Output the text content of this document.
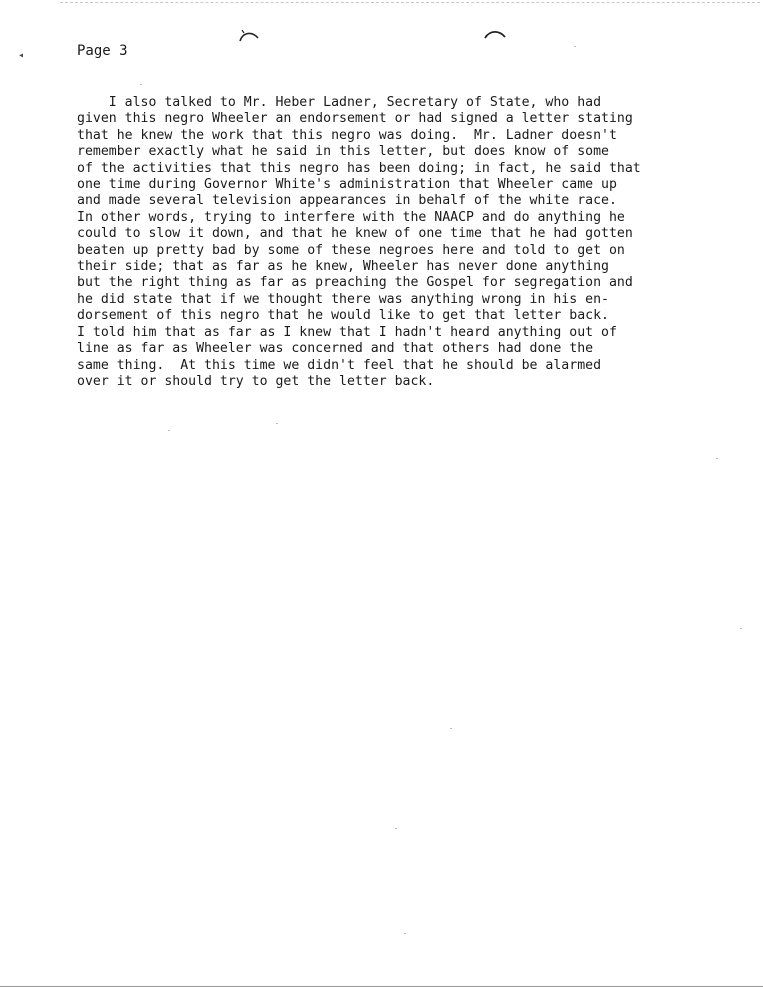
◂	Page 3
I also talked to Mr. Heber Ladner, Secretary of State, who had
given this negro Wheeler an endorsement or had signed a letter stating
that he knew the work that this negro was doing.  Mr. Ladner doesn't
remember exactly what he said in this letter, but does know of some
of the activities that this negro has been doing; in fact, he said that
one time during Governor White's administration that Wheeler came up
and made several television appearances in behalf of the white race.
In other words, trying to interfere with the NAACP and do anything he
could to slow it down, and that he knew of one time that he had gotten
beaten up pretty bad by some of these negroes here and told to get on
their side; that as far as he knew, Wheeler has never done anything
but the right thing as far as preaching the Gospel for segregation and
he did state that if we thought there was anything wrong in his en-
dorsement of this negro that he would like to get that letter back.
I told him that as far as I knew that I hadn't heard anything out of
line as far as Wheeler was concerned and that others had done the
same thing.  At this time we didn't feel that he should be alarmed
over it or should try to get the letter back.
